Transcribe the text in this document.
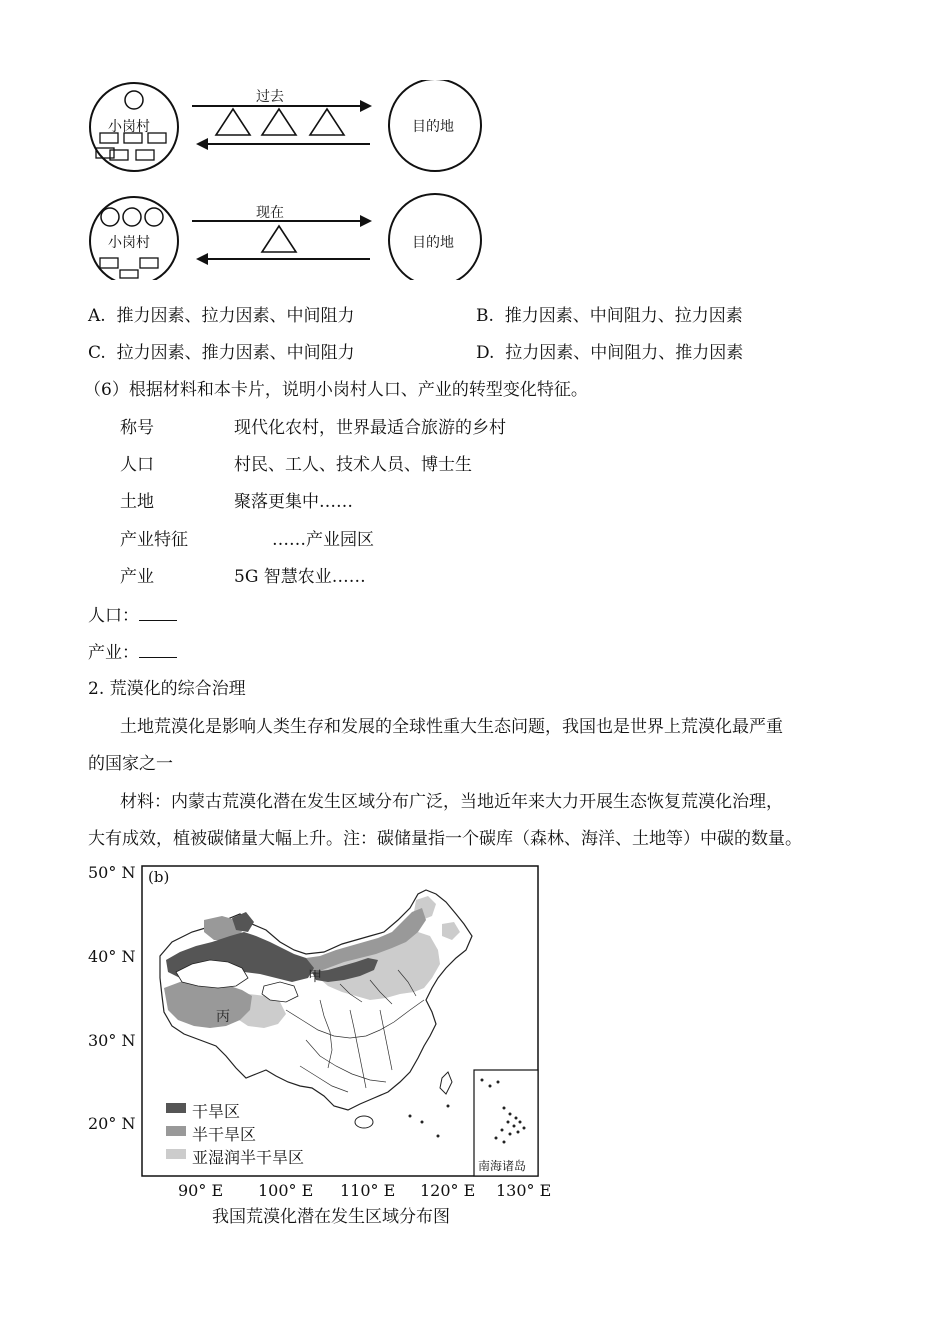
小岗村
过去
目的地
小岗村
现在
目的地
A. 推力因素、拉力因素、中间阻力	B. 推力因素、中间阻力、拉力因素
C. 拉力因素、推力因素、中间阻力	D. 拉力因素、中间阻力、推力因素
（6）根据材料和本卡片，说明小岗村人口、产业的转型变化特征。
称号	现代化农村，世界最适合旅游的乡村
人口	村民、工人、技术人员、博士生
土地	聚落更集中……
产业特征	……产业园区
产业	5G 智慧农业……
人口：
产业：
2. 荒漠化的综合治理
土地荒漠化是影响人类生存和发展的全球性重大生态问题，我国也是世界上荒漠化最严重
的国家之一
材料：内蒙古荒漠化潜在发生区域分布广泛，当地近年来大力开展生态恢复荒漠化治理，
大有成效，植被碳储量大幅上升。注：碳储量指一个碳库（森林、海洋、土地等）中碳的数量。
(b)
50° N
40° N
30° N
20° N
90° E 100° E 110° E 120° E 130° E
甲
丙
干旱区
半干旱区
亚湿润半干旱区	南海诸岛
我国荒漠化潜在发生区域分布图
